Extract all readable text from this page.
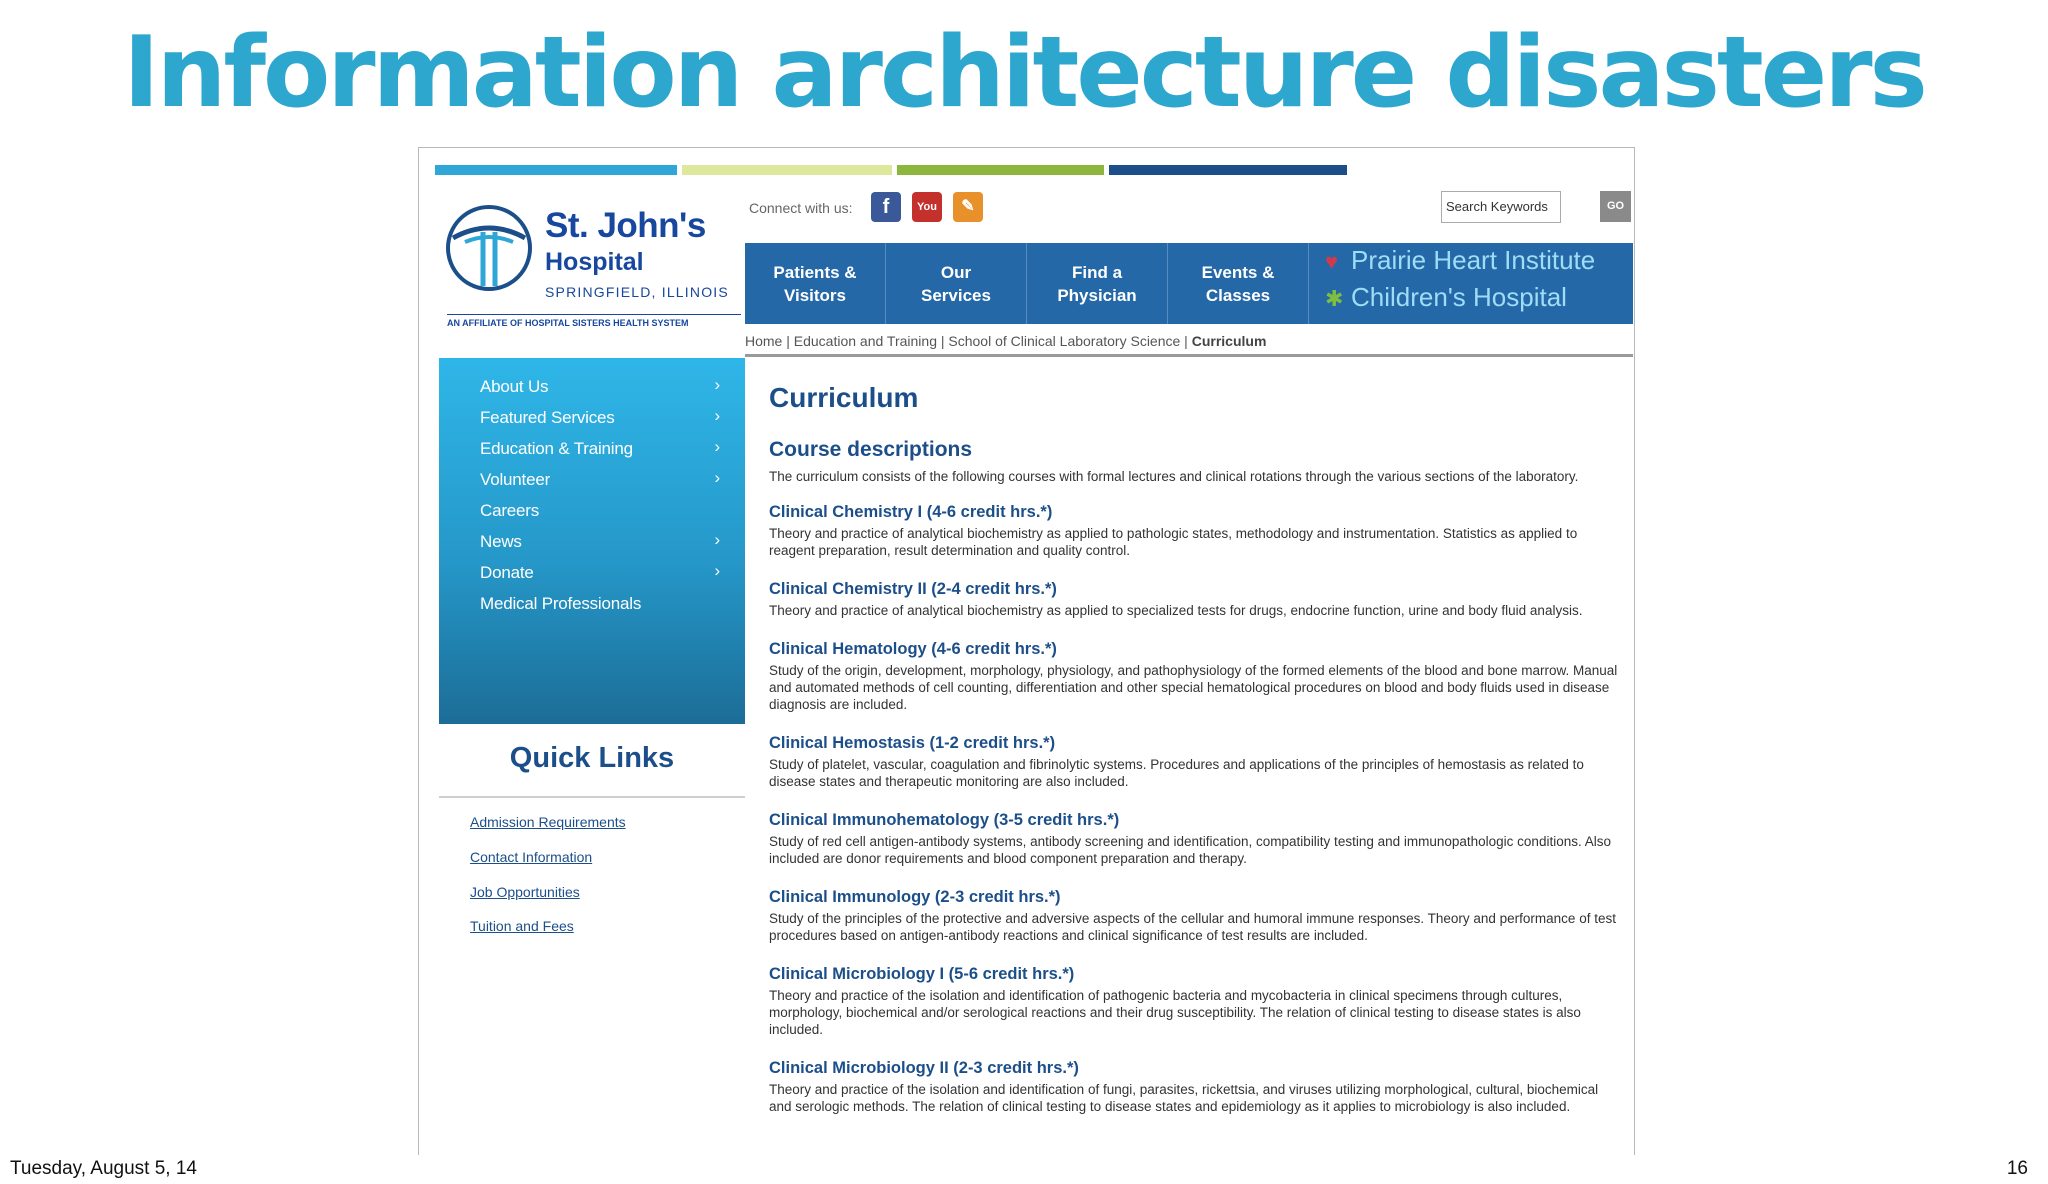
Information architecture disasters
St. John's
Hospital
SPRINGFIELD, ILLINOIS
AN AFFILIATE OF HOSPITAL SISTERS HEALTH SYSTEM
Connect with us:	f	You	✎	Search Keywords	GO
Patients &
Visitors
Our
Services
Find a
Physician
Events &
Classes
♥ Prairie Heart Institute
✱ Children's Hospital
Home | Education and Training | School of Clinical Laboratory Science | Curriculum
About Us	›
Featured Services	›
Education & Training	›
Volunteer	›
Careers
News	›
Donate	›
Medical Professionals
Quick Links
Admission Requirements
Contact Information
Job Opportunities
Tuition and Fees
Curriculum
Course descriptions
The curriculum consists of the following courses with formal lectures and clinical rotations through the various sections of the laboratory.
Clinical Chemistry I (4-6 credit hrs.*)
Theory and practice of analytical biochemistry as applied to pathologic states, methodology and instrumentation. Statistics as applied to reagent preparation, result determination and quality control.
Clinical Chemistry II (2-4 credit hrs.*)
Theory and practice of analytical biochemistry as applied to specialized tests for drugs, endocrine function, urine and body fluid analysis.
Clinical Hematology (4-6 credit hrs.*)
Study of the origin, development, morphology, physiology, and pathophysiology of the formed elements of the blood and bone marrow. Manual and automated methods of cell counting, differentiation and other special hematological procedures on blood and body fluids used in disease diagnosis are included.
Clinical Hemostasis (1-2 credit hrs.*)
Study of platelet, vascular, coagulation and fibrinolytic systems. Procedures and applications of the principles of hemostasis as related to disease states and therapeutic monitoring are also included.
Clinical Immunohematology (3-5 credit hrs.*)
Study of red cell antigen-antibody systems, antibody screening and identification, compatibility testing and immunopathologic conditions. Also included are donor requirements and blood component preparation and therapy.
Clinical Immunology (2-3 credit hrs.*)
Study of the principles of the protective and adversive aspects of the cellular and humoral immune responses. Theory and performance of test procedures based on antigen-antibody reactions and clinical significance of test results are included.
Clinical Microbiology I (5-6 credit hrs.*)
Theory and practice of the isolation and identification of pathogenic bacteria and mycobacteria in clinical specimens through cultures, morphology, biochemical and/or serological reactions and their drug susceptibility. The relation of clinical testing to disease states is also included.
Clinical Microbiology II (2-3 credit hrs.*)
Theory and practice of the isolation and identification of fungi, parasites, rickettsia, and viruses utilizing morphological, cultural, biochemical and serologic methods. The relation of clinical testing to disease states and epidemiology as it applies to microbiology is also included.
Tuesday, August 5, 14	16
